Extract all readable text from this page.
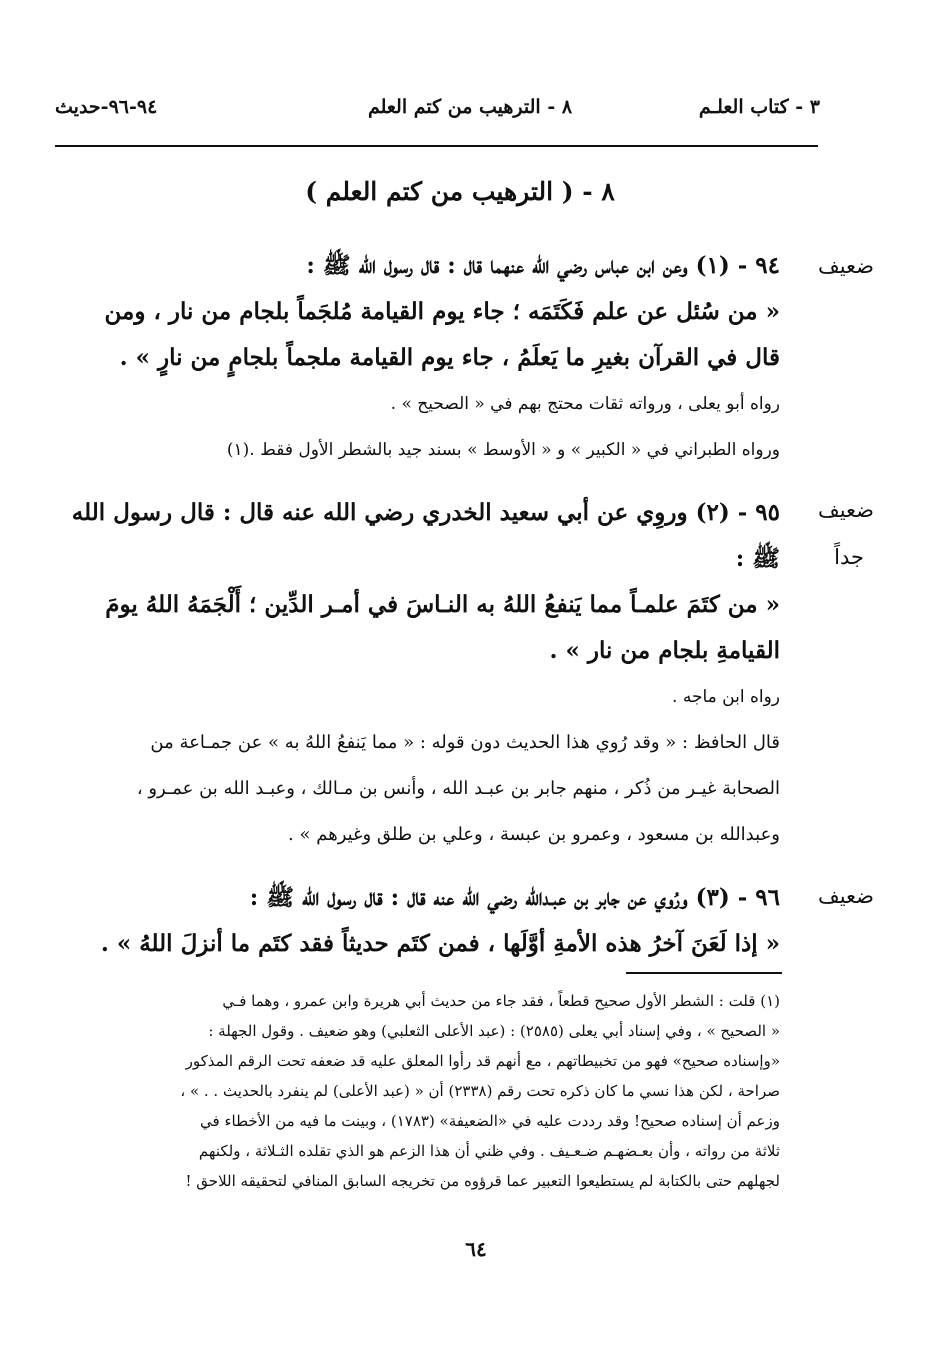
٣ - كتاب العلـم
٨ - الترهيب من كتم العلم
٩٤-٩٦-حديث
٨ - ( الترهيب من كتم العلم )
ضعيف
٩٤ - (١) وعن ابن عباس رضي الله عنهما قال : قال رسول الله ﷺ :
« من سُئل عن علم فَكَتَمَه ؛ جاء يوم القيامة مُلجَماً بلجام من نار ، ومن
قال في القرآن بغيرِ ما يَعلَمُ ، جاء يوم القيامة ملجماً بلجامٍ من نارٍ » .
رواه أبو يعلى ، ورواته ثقات محتج بهم في « الصحيح » .
ورواه الطبراني في « الكبير » و « الأوسط » بسند جيد بالشطر الأول فقط .(١)
ضعيف
جداً
٩٥ - (٢) وروِي عن أبي سعيد الخدري رضي الله عنه قال : قال رسول الله
ﷺ :
« من كتَمَ علمـاً مما يَنفعُ اللهُ به النـاسَ في أمـر الدِّين ؛ أَلْجَمَهُ اللهُ يومَ
القيامةِ بلجام من نار » .
رواه ابن ماجه .
قال الحافظ : « وقد رُوي هذا الحديث دون قوله : « مما يَنفعُ اللهُ به » عن جمـاعة من
الصحابة غيـر من ذُكر ، منهم جابر بن عبـد الله ، وأنس بن مـالك ، وعبـد الله بن عمـرو ،
وعبدالله بن مسعود ، وعمرو بن عبسة ، وعلي بن طلق وغيرهم » .
ضعيف
٩٦ - (٣) ورُوي عن جابر بن عبـدالله رضي الله عنه قال : قال رسول الله ﷺ :
« إذا لَعَنَ آخرُ هذه الأمةِ أوَّلَها ، فمن كتَم حديثاً فقد كتَم ما أنزلَ اللهُ » .
(١) قلت : الشطر الأول صحيح قطعاً ، فقد جاء من حديث أبي هريرة وابن عمرو ، وهما فـي
« الصحيح » ، وفي إسناد أبي يعلى (٢٥٨٥) : (عبد الأعلى الثعلبي) وهو ضعيف . وقول الجهلة :
«وإسناده صحيح» فهو من تخبيطاتهم ، مع أنهم قد رأوا المعلق عليه قد ضعفه تحت الرقم المذكور
صراحة ، لكن هذا نسي ما كان ذكره تحت رقم (٢٣٣٨) أن « (عبد الأعلى) لم ينفرد بالحديث . . » ،
وزعم أن إسناده صحيح! وقد رددت عليه في «الضعيفة» (١٧٨٣) ، وبينت ما فيه من الأخطاء في
ثلاثة من رواته ، وأن بعـضهـم ضـعـيف . وفي ظني أن هذا الزعم هو الذي تقلده الثـلاثة ، ولكنهم
لجهلهم حتى بالكتابة لم يستطيعوا التعبير عما قرؤوه من تخريجه السابق المنافي لتحقيقه اللاحق !
٦٤
